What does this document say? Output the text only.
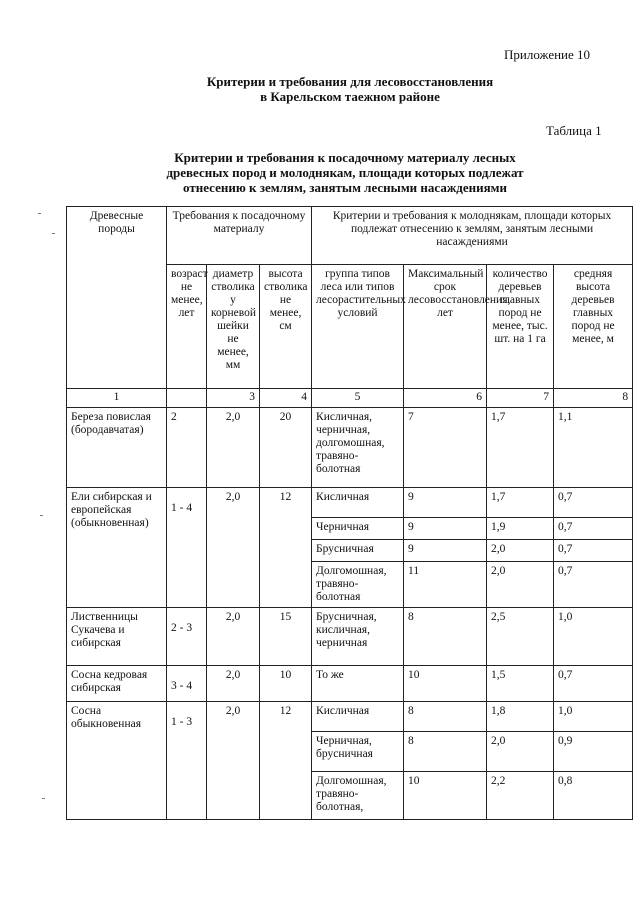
Приложение 10
Критерии и требования для лесовосстановления
в Карельском таежном районе
Таблица 1
Критерии и требования к посадочному материалу лесных
древесных пород и молоднякам, площади которых подлежат
отнесению к землям, занятым лесными насаждениями
Древесные породы	Требования к посадочному материалу			Критерии и требования к молоднякам, площади которых подлежат отнесению к землям, занятым лесными насаждениями			
	возраст не менее, лет	диаметр стволика у корневой шейки не менее, мм	высота стволика не менее, см	группа типов леса или типов лесорастительных условий	Максимальный срок лесовосстановления, лет	количество деревьев главных пород не менее, тыс. шт. на 1 га	средняя высота деревьев главных пород не менее, м
1		3	4	5	6	7	8
Береза повислая (бородавчатая)	2	2,0	20	Кисличная, черничная, долгомошная, травяно-болотная	7	1,7	1,1
Ели сибирская и европейская (обыкновенная)	1 - 4	2,0	12	Кисличная	9	1,7	0,7
				Черничная	9	1,9	0,7
				Брусничная	9	2,0	0,7
				Долгомошная, травяно-болотная	11	2,0	0,7
Лиственницы Сукачева и сибирская	2 - 3	2,0	15	Брусничная, кисличная, черничная	8	2,5	1,0
Сосна кедровая сибирская	3 - 4	2,0	10	То же	10	1,5	0,7
Сосна обыкновенная	1 - 3	2,0	12	Кисличная	8	1,8	1,0
				Черничная, брусничная	8	2,0	0,9
				Долгомошная, травяно-болотная,	10	2,2	0,8
